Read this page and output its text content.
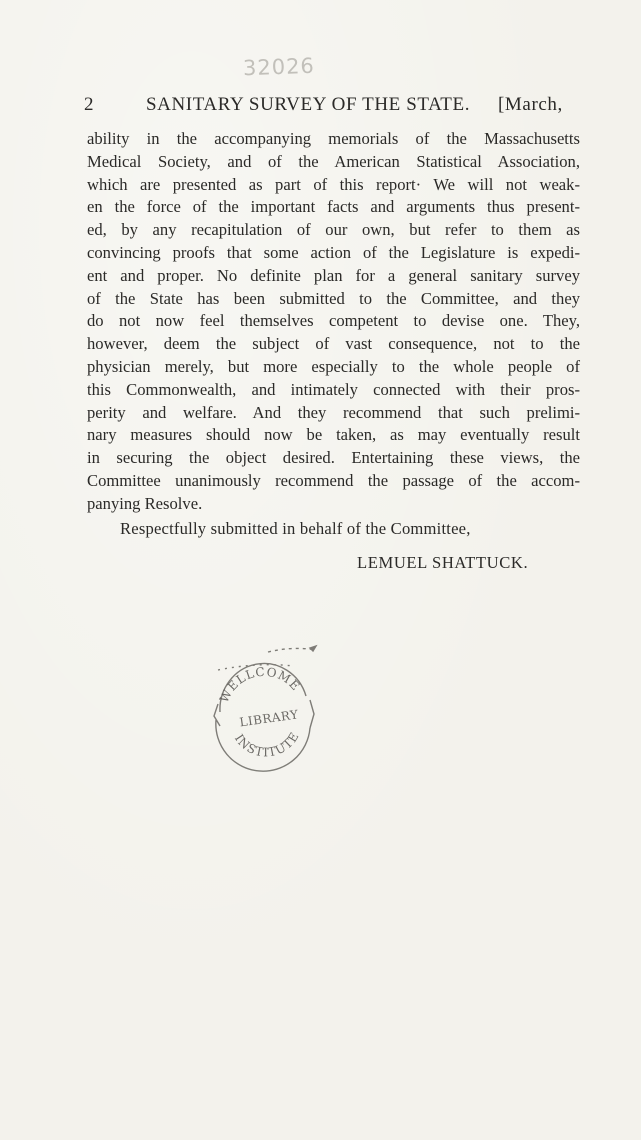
32026
2	SANITARY SURVEY OF THE STATE. [March,
ability in the accompanying memorials of the Massachusetts
Medical Society, and of the American Statistical Association,
which are presented as part of this report· We will not weak-
en the force of the important facts and arguments thus present-
ed, by any recapitulation of our own, but refer to them as
convincing proofs that some action of the Legislature is expedi-
ent and proper. No definite plan for a general sanitary survey
of the State has been submitted to the Committee, and they
do not now feel themselves competent to devise one. They,
however, deem the subject of vast consequence, not to the
physician merely, but more especially to the whole people of
this Commonwealth, and intimately connected with their pros-
perity and welfare. And they recommend that such prelimi-
nary measures should now be taken, as may eventually result
in securing the object desired. Entertaining these views, the
Committee unanimously recommend the passage of the accom-
panying Resolve.
Respectfully submitted in behalf of the Committee,
LEMUEL SHATTUCK.
WELLCOME
LIBRARY
INSTITUTE
